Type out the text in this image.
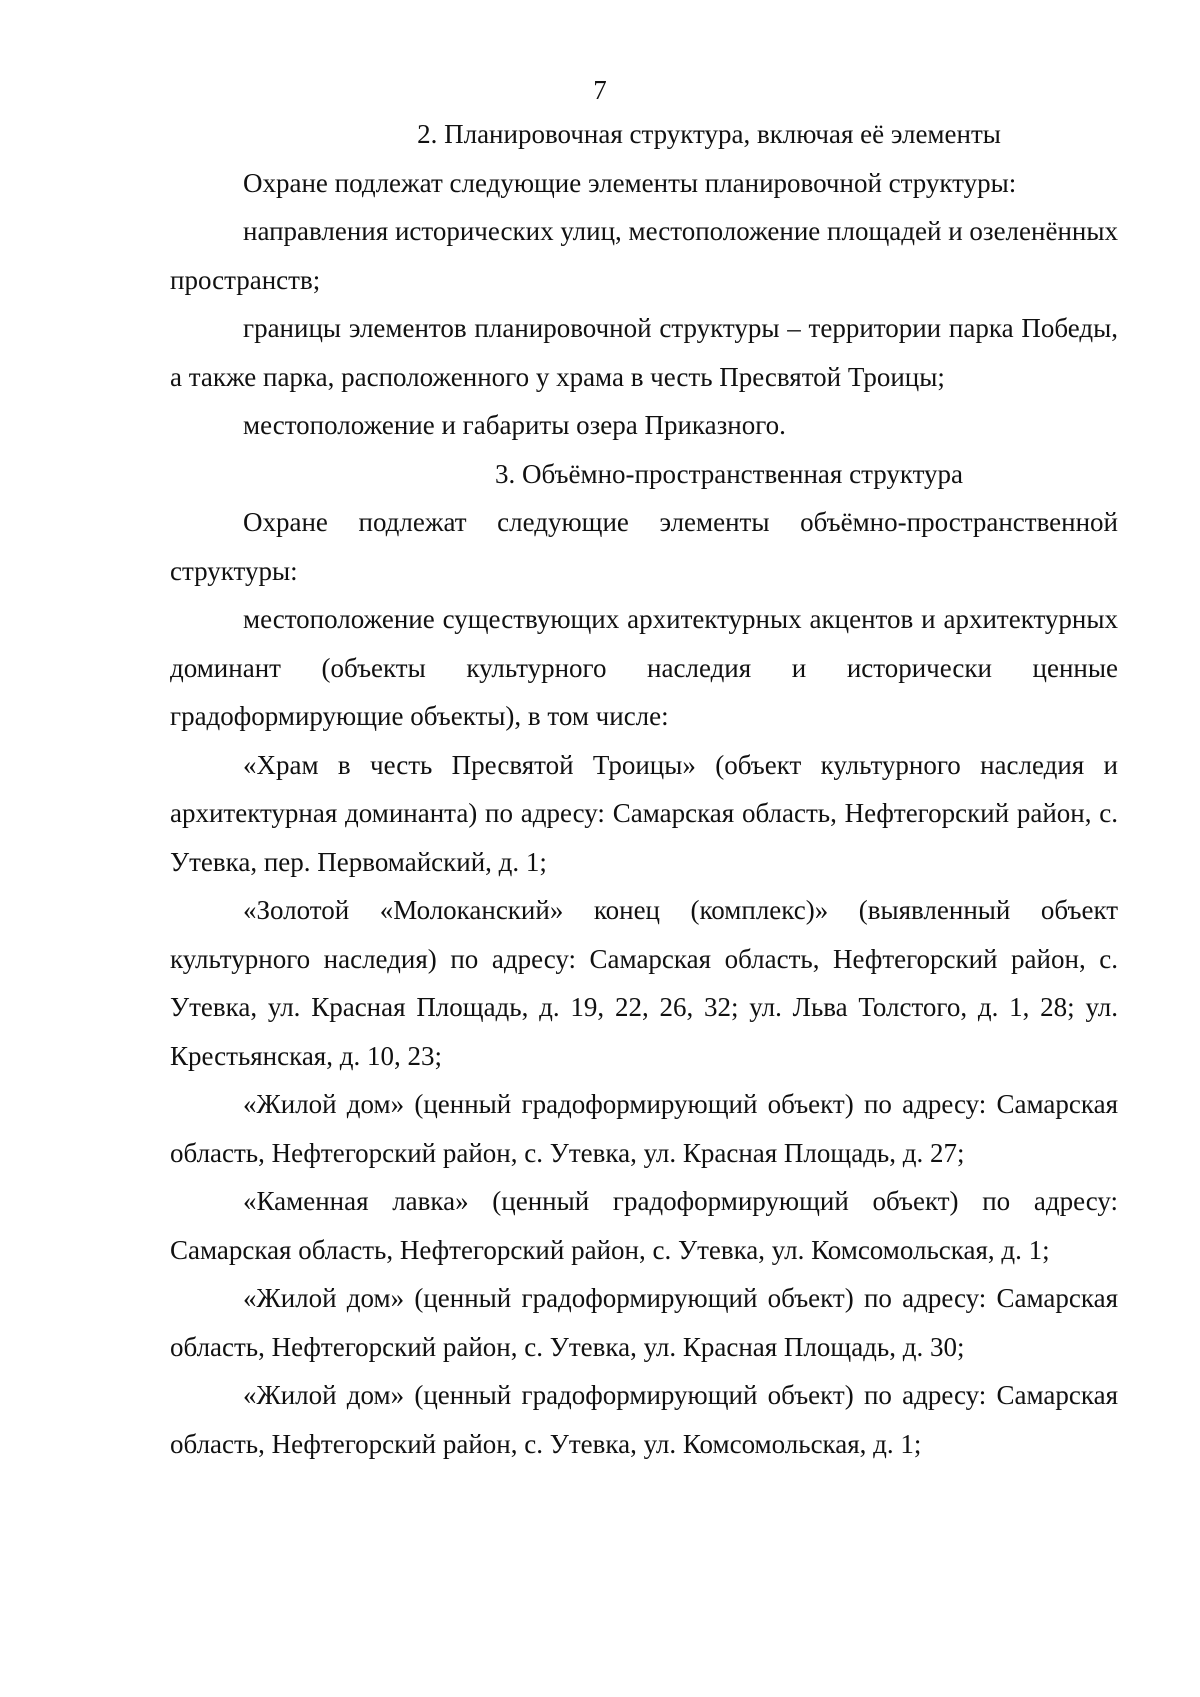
7

2. Планировочная структура, включая её элементы

Охране подлежат следующие элементы планировочной структуры:

направления исторических улиц, местоположение площадей и озеленённых пространств;

границы элементов планировочной структуры – территории парка Победы, а также парка, расположенного у храма в честь Пресвятой Троицы;

местоположение и габариты озера Приказного.

3. Объёмно-пространственная структура

Охране подлежат следующие элементы объёмно-пространственной структуры:

местоположение существующих архитектурных акцентов и архитектурных доминант (объекты культурного наследия и исторически ценные градоформирующие объекты), в том числе:

«Храм в честь Пресвятой Троицы» (объект культурного наследия и архитектурная доминанта) по адресу: Самарская область, Нефтегорский район, с. Утевка, пер. Первомайский, д. 1;

«Золотой «Молоканский» конец (комплекс)» (выявленный объект культурного наследия) по адресу: Самарская область, Нефтегорский район, с. Утевка, ул. Красная Площадь, д. 19, 22, 26, 32; ул. Льва Толстого, д. 1, 28; ул. Крестьянская, д. 10, 23;

«Жилой дом» (ценный градоформирующий объект) по адресу: Самарская область, Нефтегорский район, с. Утевка, ул. Красная Площадь, д. 27;

«Каменная лавка» (ценный градоформирующий объект) по адресу: Самарская область, Нефтегорский район, с. Утевка, ул. Комсомольская, д. 1;

«Жилой дом» (ценный градоформирующий объект) по адресу: Самарская область, Нефтегорский район, с. Утевка, ул. Красная Площадь, д. 30;

«Жилой дом» (ценный градоформирующий объект) по адресу: Самарская область, Нефтегорский район, с. Утевка, ул. Комсомольская, д. 1;
